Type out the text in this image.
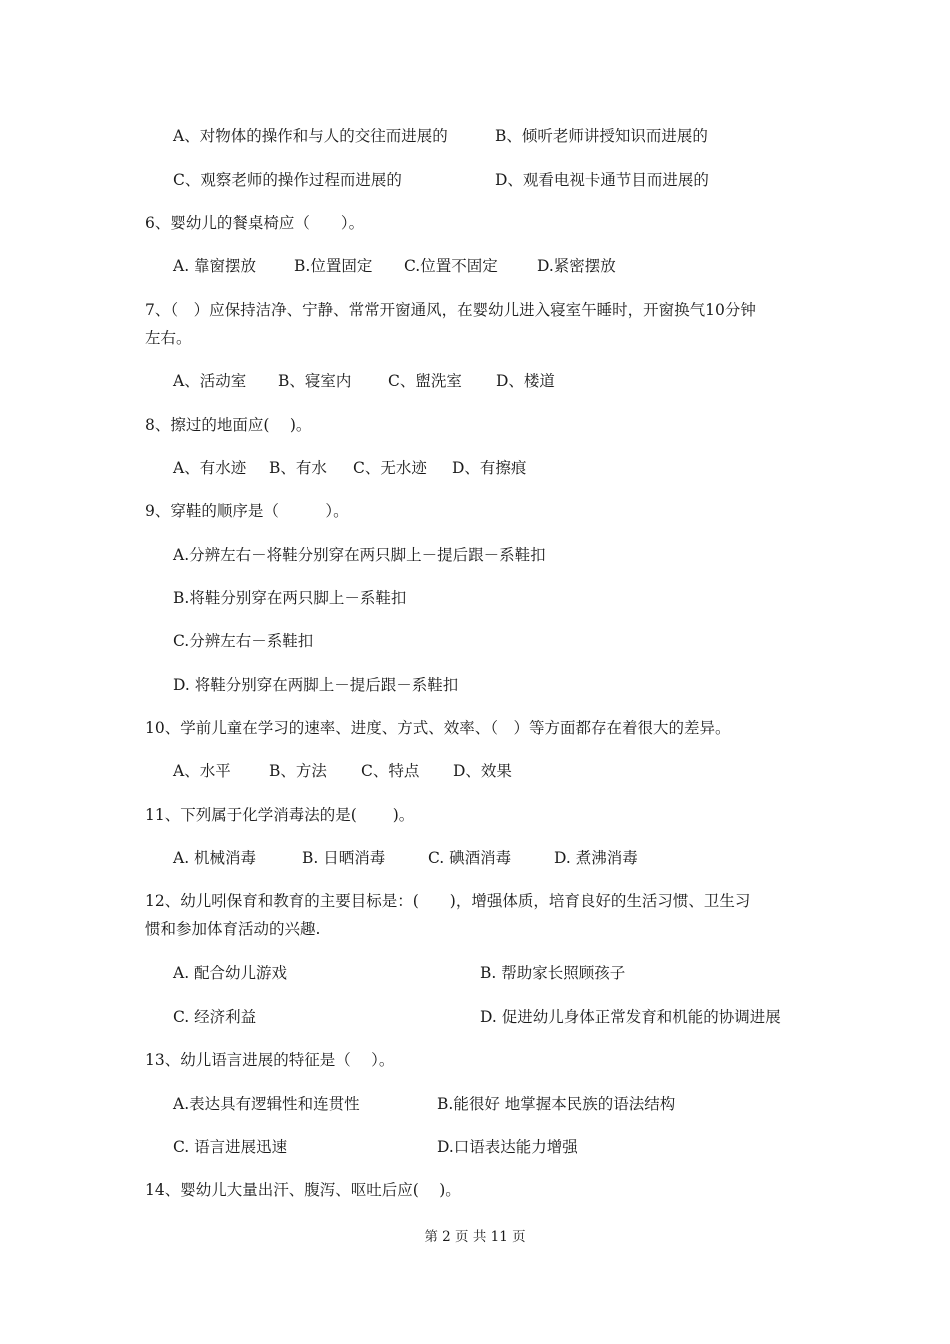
A、对物体的操作和与人的交往而进展的	B、倾听老师讲授知识而进展的
C、观察老师的操作过程而进展的	D、观看电视卡通节目而进展的
6、婴幼儿的餐桌椅应（　　）。
A. 靠窗摆放 B.位置固定 C.位置不固定	D.紧密摆放
7、（　）应保持洁净、宁静、常常开窗通风，在婴幼儿进入寝室午睡时，开窗换气10分钟
左右。
A、活动室 B、寝室内 C、盥洗室 D、楼道
8、擦过的地面应(　 )。
A、有水迹 B、有水 C、无水迹 D、有擦痕
9、穿鞋的顺序是（　　　）。
A.分辨左右－将鞋分别穿在两只脚上－提后跟－系鞋扣
B.将鞋分别穿在两只脚上－系鞋扣
C.分辨左右－系鞋扣
D. 将鞋分别穿在两脚上－提后跟－系鞋扣
10、学前儿童在学习的速率、进度、方式、效率、（　）等方面都存在着很大的差异。
A、水平 B、方法 C、特点 D、效果
11、下列属于化学消毒法的是(　　 )。
A. 机械消毒	B. 日晒消毒	C. 碘酒消毒	D. 煮沸消毒
12、幼儿吲保育和教育的主要目标是：(　　)，增强体质，培育良好的生活习惯、卫生习
惯和参加体育活动的兴趣.
A. 配合幼儿游戏	B. 帮助家长照顾孩子
C. 经济利益	D. 促进幼儿身体正常发育和机能的协调进展
13、幼儿语言进展的特征是（　 ）。
A.表达具有逻辑性和连贯性	B.能很好 地掌握本民族的语法结构
C. 语言进展迅速	D.口语表达能力增强
14、婴幼儿大量出汗、腹泻、呕吐后应(　 )。
第 2 页 共 11 页
